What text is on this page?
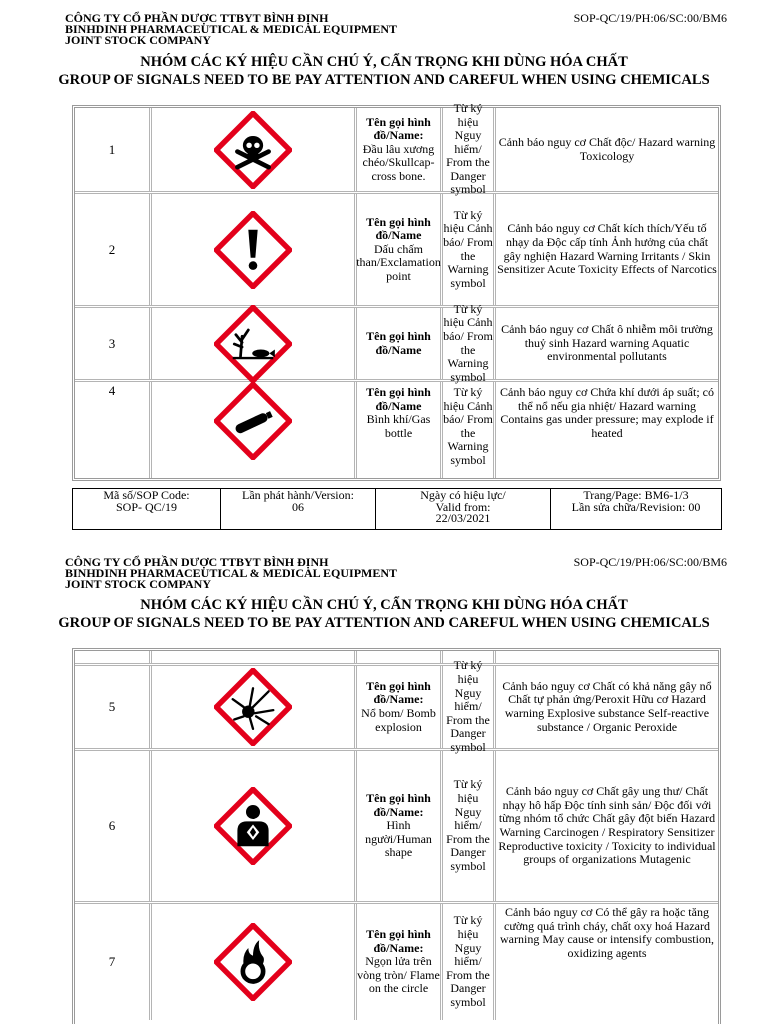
CÔNG TY CỔ PHẦN DƯỢC TTBYT BÌNH ĐỊNH
BINHDINH PHARMACEUTICAL & MEDICAL EQUIPMENT
JOINT STOCK COMPANY
SOP-QC/19/PH:06/SC:00/BM6
NHÓM CÁC KÝ HIỆU CẦN CHÚ Ý, CẨN TRỌNG KHI DÙNG HÓA CHẤT
GROUP OF SIGNALS NEED TO BE PAY ATTENTION AND CAREFUL WHEN USING CHEMICALS
1
Tên gọi hình đồ/Name:
Đầu lâu xương chéo/Skullcap-cross bone.
Từ ký hiệu Nguy hiểm/ From the Danger symbol
Cảnh báo nguy cơ Chất độc/ Hazard warning Toxicology
2
Tên gọi hình đồ/Name
Dấu chấm than/Exclamation point
Từ ký hiệu Cảnh báo/ From the Warning symbol
Cảnh báo nguy cơ Chất kích thích/Yếu tố nhạy da Độc cấp tính Ảnh hưởng của chất gây nghiện Hazard Warning Irritants / Skin Sensitizer Acute Toxicity Effects of Narcotics
3	Tên gọi hình đồ/Name
Từ ký hiệu Cảnh báo/ From the Warning symbol
Cảnh báo nguy cơ Chất ô nhiễm môi trường thuỷ sinh Hazard warning Aquatic environmental pollutants
4	Tên gọi hình đồ/Name
Bình khí/Gas bottle
Từ ký hiệu Cảnh báo/ From the Warning symbol
Cảnh báo nguy cơ Chứa khí dưới áp suất; có thể nổ nếu gia nhiệt/ Hazard warning Contains gas under pressure; may explode if heated
Mã số/SOP Code:
SOP- QC/19
Lần phát hành/Version:
06
Ngày có hiệu lực/
Valid from:
22/03/2021
Trang/Page: BM6-1/3
Lần sửa chữa/Revision: 00
CÔNG TY CỔ PHẦN DƯỢC TTBYT BÌNH ĐỊNH
BINHDINH PHARMACEUTICAL & MEDICAL EQUIPMENT
JOINT STOCK COMPANY
SOP-QC/19/PH:06/SC:00/BM6
NHÓM CÁC KÝ HIỆU CẦN CHÚ Ý, CẨN TRỌNG KHI DÙNG HÓA CHẤT
GROUP OF SIGNALS NEED TO BE PAY ATTENTION AND CAREFUL WHEN USING CHEMICALS
5
Tên gọi hình đồ/Name:
Nổ bom/ Bomb explosion
Từ ký hiệu Nguy hiểm/ From the Danger symbol
Cảnh báo nguy cơ Chất có khả năng gây nổ Chất tự phản ứng/Peroxit Hữu cơ Hazard warning Explosive substance Self-reactive substance / Organic Peroxide
6
Tên gọi hình đồ/Name:
Hình người/Human shape
Từ ký hiệu Nguy hiểm/ From the Danger symbol
Cảnh báo nguy cơ Chất gây ung thư/ Chất nhạy hô hấp Độc tính sinh sản/ Độc đối với từng nhóm tổ chức Chất gây đột biến Hazard Warning Carcinogen / Respiratory Sensitizer Reproductive toxicity / Toxicity to individual groups of organizations Mutagenic
7
Tên gọi hình đồ/Name:
Ngọn lửa trên vòng tròn/ Flame on the circle
Từ ký hiệu Nguy hiểm/ From the Danger symbol
Cảnh báo nguy cơ Có thể gây ra hoặc tăng cường quá trình cháy, chất oxy hoá Hazard warning May cause or intensify combustion, oxidizing agents
